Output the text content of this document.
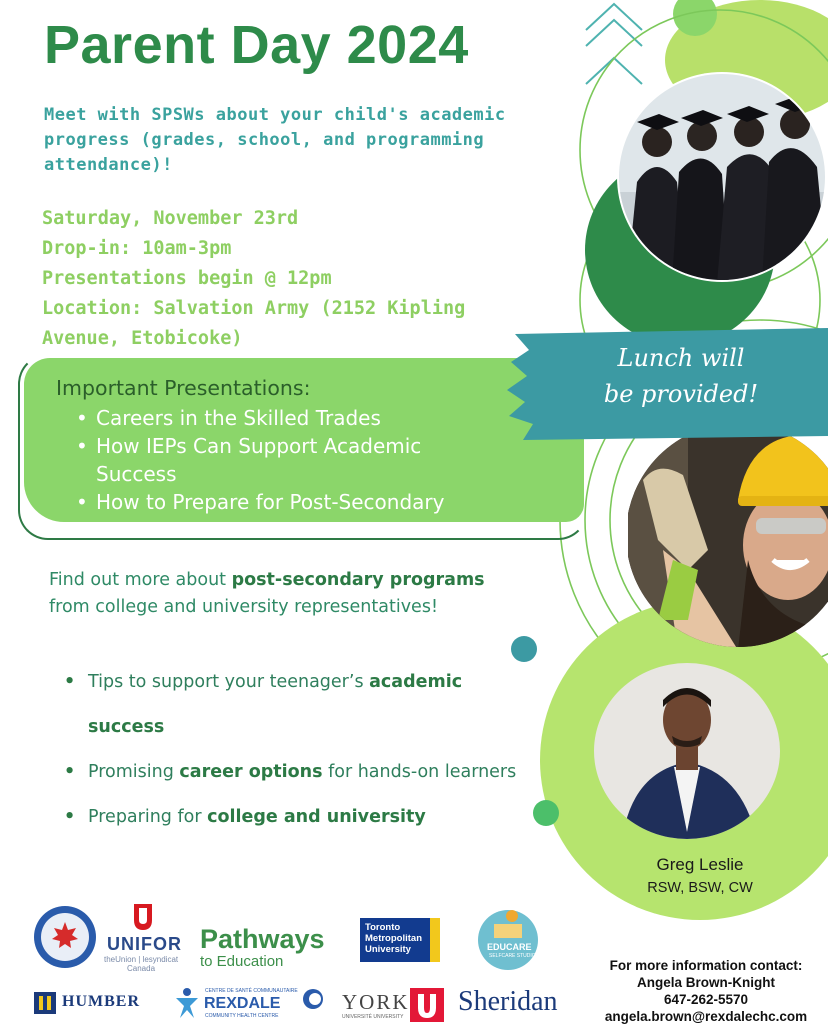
Lunch will
be provided!
Parent Day 2024

Meet with SPSWs about your child's academic progress (grades, school, and programming attendance)!

Saturday, November 23rd
Drop-in: 10am-3pm
Presentations begin @ 12pm
Location: Salvation Army (2152 Kipling
Avenue, Etobicoke)
Important Presentations:
• Careers in the Skilled Trades
• How IEPs Can Support Academic Success
• How to Prepare for Post-Secondary

Find out more about post-secondary programs
from college and university representatives!

• Tips to support your teenager’s academic success
• Promising career options for hands-on learners
• Preparing for college and university
Greg Leslie
RSW, BSW, CW
For more information contact:
Angela Brown-Knight
647-262-5570
angela.brown@rexdalechc.com
UNIFOR
theUnion | lesyndicat
Canada
Pathways
to Education
Toronto
Metropolitan
University	EDUCARE
SELFCARE STUDIO
HUMBER
CENTRE DE SANTÉ COMMUNAUTAIRE
REXDALE
COMMUNITY HEALTH CENTRE
YORK
UNIVERSITÉ UNIVERSITY Sheridan
